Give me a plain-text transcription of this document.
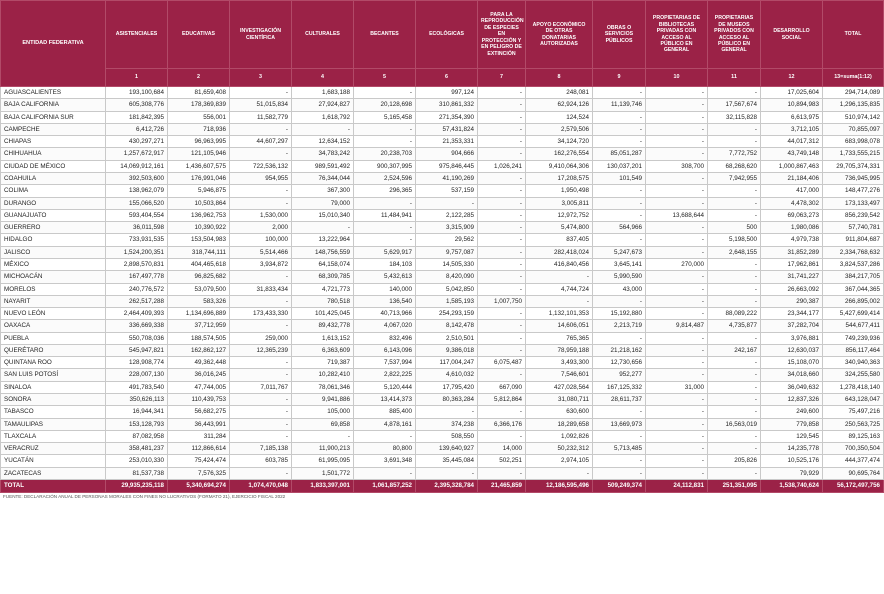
ENTIDAD FEDERATIVA	ASISTENCIALES	EDUCATIVAS	INVESTIGACIÓN CIENTÍFICA	CULTURALES	BECANTES	ECOLÓGICAS	PARA LA REPRODUCCIÓN DE ESPECIES EN PROTECCIÓN Y EN PELIGRO DE EXTINCIÓN	APOYO ECONÓMICO DE OTRAS DONATARIAS AUTORIZADAS	OBRAS O SERVICIOS PÚBLICOS	PROPIETARIAS DE BIBLIOTECAS PRIVADAS CON ACCESO AL PÚBLICO EN GENERAL	PROPIETARIAS DE MUSEOS PRIVADOS CON ACCESO AL PÚBLICO EN GENERAL	DESARROLLO SOCIAL	TOTAL
	1	2	3	4	5	6	7	8	9	10	11	12	13=suma(1:12)
AGUASCALIENTES	193,100,684	81,659,408	-	1,683,188	-	997,124	-	248,081	-	-	-	17,025,604	294,714,089
BAJA CALIFORNIA	605,308,776	178,369,839	51,015,834	27,924,827	20,128,698	310,861,332	-	62,924,126	11,139,746	-	17,567,674	10,894,983	1,296,135,835
BAJA CALIFORNIA SUR	181,842,395	556,001	11,582,779	1,618,792	5,165,458	271,354,390	-	124,524	-	-	32,115,828	6,613,975	510,974,142
CAMPECHE	6,412,726	718,936	-	-	-	57,431,824	-	2,579,506	-	-	-	3,712,105	70,855,097
CHIAPAS	430,297,271	96,963,995	44,607,297	12,634,152	-	21,353,331	-	34,124,720	-	-	-	44,017,312	683,998,078
CHIHUAHUA	1,257,672,917	121,105,946	-	34,783,242	20,238,703	904,666	-	162,276,554	85,051,287	-	7,772,752	43,749,148	1,733,555,215
CIUDAD DE MÉXICO	14,069,912,161	1,436,607,575	722,536,132	989,591,492	900,307,995	975,846,445	1,026,241	9,410,064,306	130,037,201	308,700	68,268,620	1,000,867,463	29,705,374,331
COAHUILA	392,503,600	176,991,046	954,955	76,344,044	2,524,596	41,190,269	-	17,208,575	101,549	-	7,942,955	21,184,406	736,945,995
COLIMA	138,962,079	5,946,875	-	367,300	296,365	537,159	-	1,950,498	-	-	-	417,000	148,477,276
DURANGO	155,066,520	10,503,864	-	79,000	-	-	-	3,005,811	-	-	-	4,478,302	173,133,497
GUANAJUATO	593,404,554	136,962,753	1,530,000	15,010,340	11,484,941	2,122,285	-	12,972,752	-	13,688,644	-	69,063,273	856,239,542
GUERRERO	36,011,598	10,390,922	2,000	-	-	3,315,909	-	5,474,800	564,966	-	500	1,980,086	57,740,781
HIDALGO	733,931,535	153,504,983	100,000	13,222,964	-	29,562	-	837,405	-	-	5,198,500	4,979,738	911,804,687
JALISCO	1,524,200,351	318,744,111	5,514,466	148,756,559	5,629,917	9,757,087	-	282,418,024	5,247,673	-	2,648,155	31,852,289	2,334,768,632
MÉXICO	2,898,570,831	404,465,618	3,934,872	64,158,074	184,103	14,505,330	-	416,840,456	3,645,141	270,000	-	17,962,861	3,824,537,286
MICHOACÁN	167,497,778	96,825,682	-	68,309,785	5,432,613	8,420,090	-	-	5,990,590	-	-	31,741,227	384,217,705
MORELOS	240,776,572	53,079,500	31,833,434	4,721,773	140,000	5,042,850	-	4,744,724	43,000	-	-	26,663,092	367,044,365
NAYARIT	262,517,288	583,326	-	780,518	136,540	1,585,193	1,007,750	-	-	-	-	290,387	266,895,002
NUEVO LEÓN	2,464,409,393	1,134,696,889	173,433,330	101,425,045	40,713,966	254,293,159	-	1,132,101,353	15,192,880	-	88,089,222	23,344,177	5,427,699,414
OAXACA	336,669,338	37,712,959	-	89,432,778	4,067,020	8,142,478	-	14,606,051	2,213,719	9,814,487	4,735,877	37,282,704	544,677,411
PUEBLA	550,708,036	188,574,505	259,000	1,613,152	832,496	2,510,501	-	765,365	-	-	-	3,976,881	749,239,936
QUERÉTARO	545,947,821	162,862,127	12,365,239	6,363,609	6,143,096	9,386,018	-	78,959,188	21,218,162	-	242,167	12,630,037	856,117,464
QUINTANA ROO	128,908,774	49,362,448	-	719,387	7,537,994	117,004,247	6,075,487	3,493,300	12,730,656	-	-	15,108,070	340,940,363
SAN LUIS POTOSÍ	228,007,130	36,016,245	-	10,282,410	2,822,225	4,610,032	-	7,546,601	952,277	-	-	34,018,660	324,255,580
SINALOA	491,783,540	47,744,005	7,011,767	78,061,346	5,120,444	17,795,420	667,090	427,028,564	167,125,332	31,000	-	36,049,632	1,278,418,140
SONORA	350,626,113	110,439,753	-	9,941,886	13,414,373	80,363,284	5,812,864	31,080,711	28,611,737	-	-	12,837,326	643,128,047
TABASCO	16,944,341	56,682,275	-	105,000	885,400	-	-	630,600	-	-	-	249,600	75,497,216
TAMAULIPAS	153,128,793	36,443,991	-	69,858	4,878,161	374,238	6,366,176	18,289,658	13,669,973	-	16,563,019	779,858	250,563,725
TLAXCALA	87,082,958	311,284	-	-	-	508,550	-	1,092,826	-	-	-	129,545	89,125,163
VERACRUZ	358,481,237	112,866,614	7,185,138	11,900,213	80,800	139,640,927	14,000	50,232,312	5,713,485	-	-	14,235,778	700,350,504
YUCATÁN	253,010,330	75,424,474	603,785	61,995,095	3,691,348	35,445,084	502,251	2,974,105	-	-	205,826	10,525,176	444,377,474
ZACATECAS	81,537,738	7,576,325	-	1,501,772	-	-	-	-	-	-	-	79,929	90,695,764
TOTAL	29,935,235,118	5,340,694,274	1,074,470,048	1,833,397,001	1,061,857,252	2,395,328,784	21,465,859	12,186,595,496	509,249,374	24,112,831	251,351,095	1,538,740,624	56,172,497,756
FUENTE: DECLARACIÓN ANUAL DE PERSONAS MORALES CON FINES NO LUCRATIVOS (FORMATO 21), EJERCICIO FISCAL 2022
